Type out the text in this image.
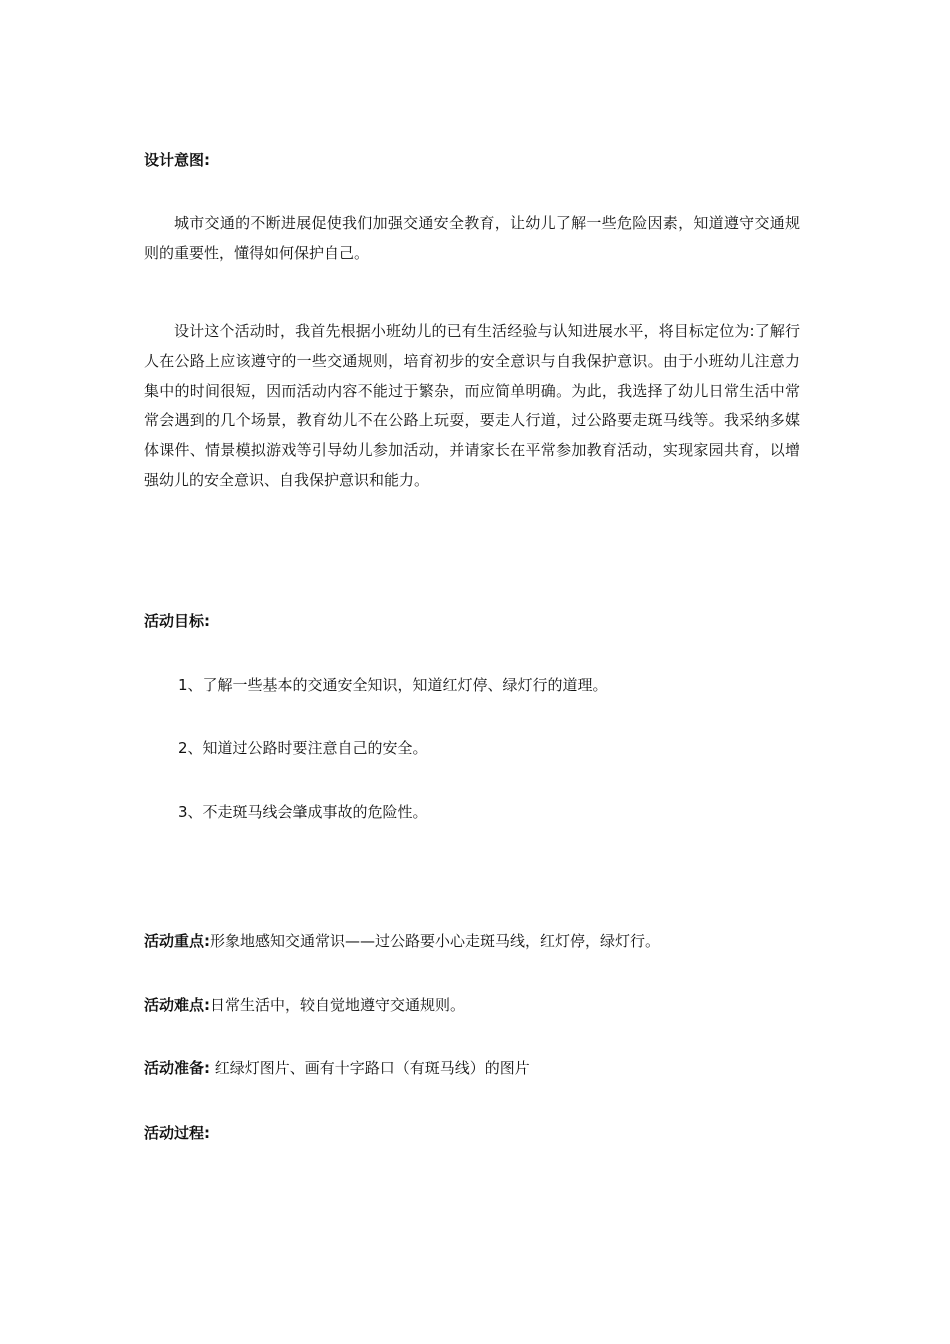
设计意图:

城市交通的不断进展促使我们加强交通安全教育，让幼儿了解一些危险因素，知道遵守交通规则的重要性，懂得如何保护自己。

设计这个活动时，我首先根据小班幼儿的已有生活经验与认知进展水平，将目标定位为:了解行人在公路上应该遵守的一些交通规则，培育初步的安全意识与自我保护意识。由于小班幼儿注意力集中的时间很短，因而活动内容不能过于繁杂，而应简单明确。为此，我选择了幼儿日常生活中常常会遇到的几个场景，教育幼儿不在公路上玩耍，要走人行道，过公路要走斑马线等。我采纳多媒体课件、情景模拟游戏等引导幼儿参加活动，并请家长在平常参加教育活动，实现家园共育，以增强幼儿的安全意识、自我保护意识和能力。

活动目标:
1、了解一些基本的交通安全知识，知道红灯停、绿灯行的道理。
2、知道过公路时要注意自己的安全。
3、不走斑马线会肇成事故的危险性。
活动重点:形象地感知交通常识——过公路要小心走斑马线，红灯停，绿灯行。
活动难点:日常生活中，较自觉地遵守交通规则。
活动准备: 红绿灯图片、画有十字路口（有斑马线）的图片
活动过程:
